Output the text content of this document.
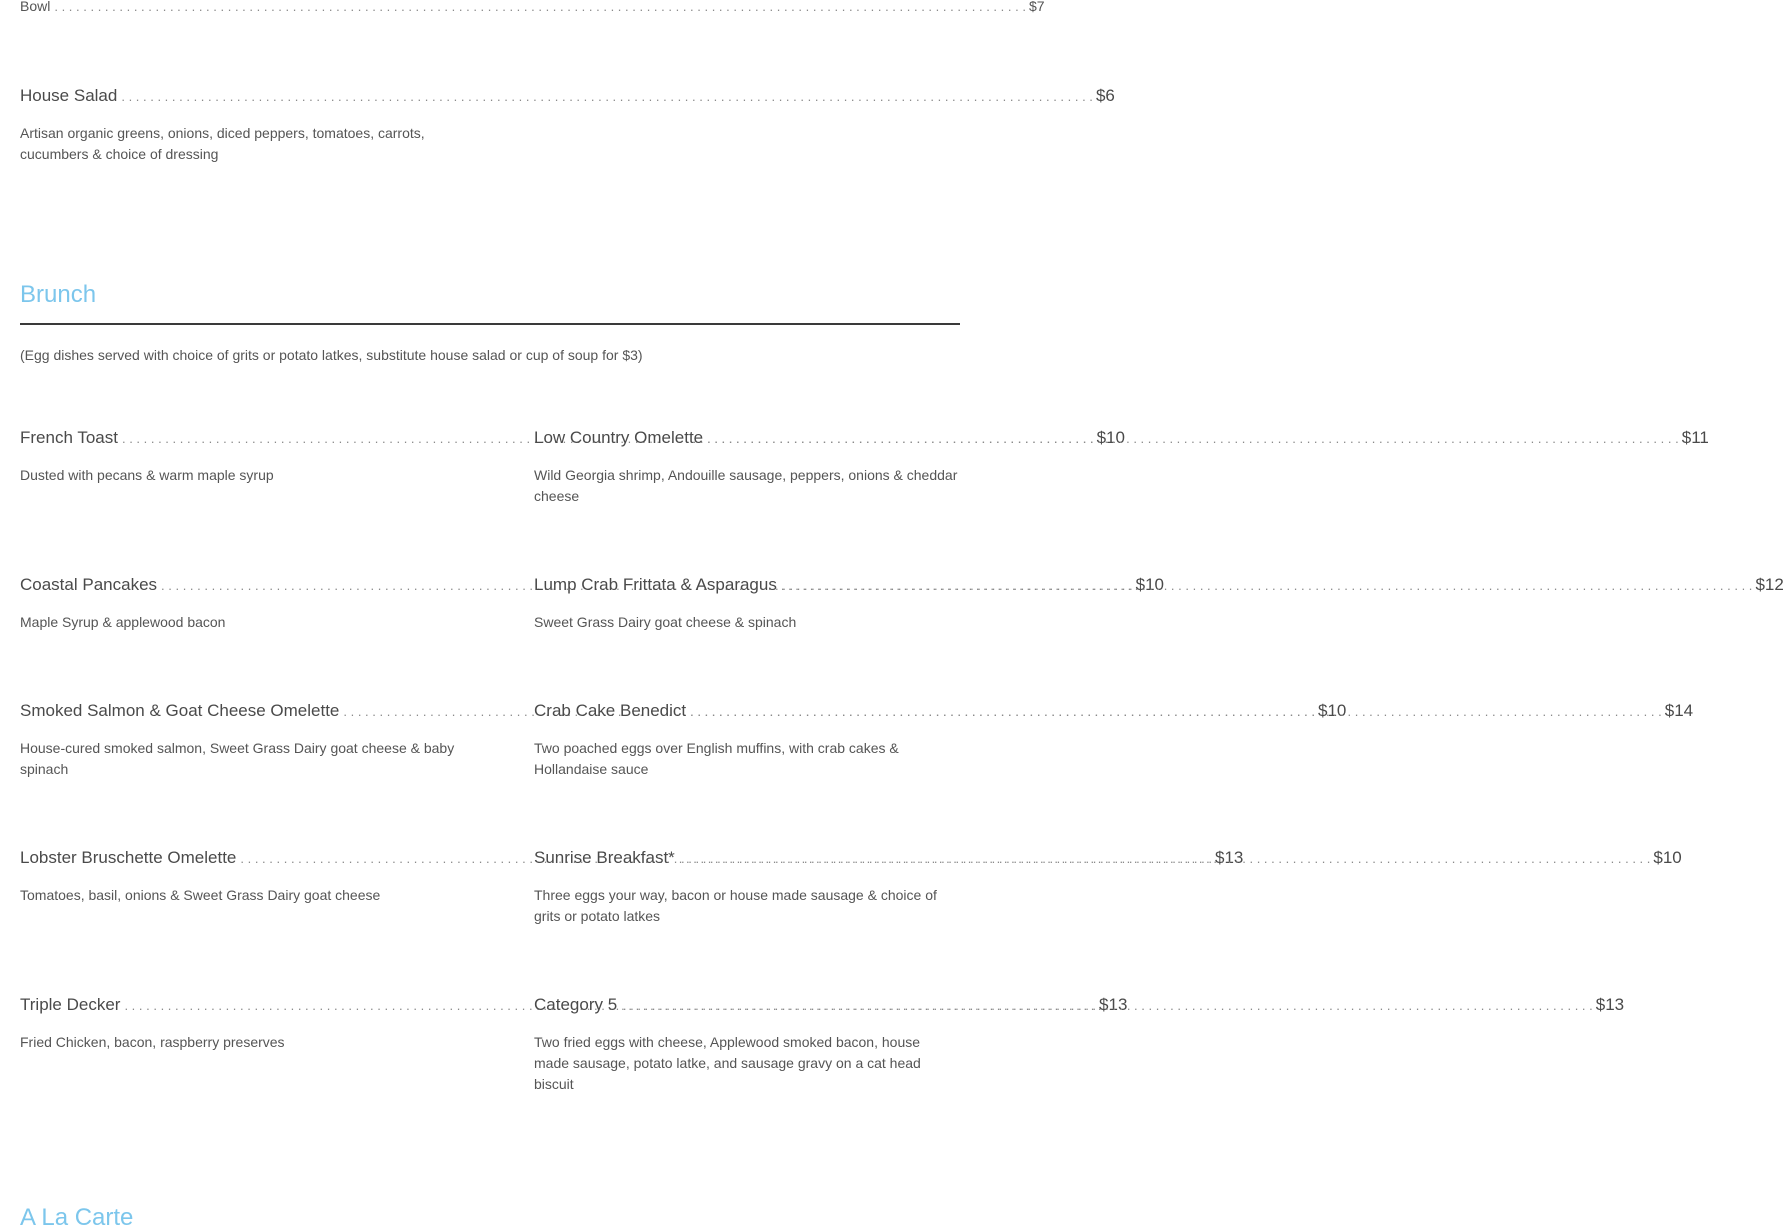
Bowl . . .	$7
House Salad . . .	$6
Artisan organic greens, onions, diced peppers, tomatoes, carrots, cucumbers & choice of dressing
Brunch
(Egg dishes served with choice of grits or potato latkes, substitute house salad or cup of soup for $3)
French Toast . . .	$10
Dusted with pecans & warm maple syrup
Coastal Pancakes . . .	$10
Maple Syrup & applewood bacon
Smoked Salmon & Goat Cheese Omelette . . .	$10
House-cured smoked salmon, Sweet Grass Dairy goat cheese & baby spinach
Lobster Bruschette Omelette . . .	$13
Tomatoes, basil, onions & Sweet Grass Dairy goat cheese
Triple Decker . . .	$13
Fried Chicken, bacon, raspberry preserves
Low Country Omelette . . .	$11
Wild Georgia shrimp, Andouille sausage, peppers, onions & cheddar cheese
Lump Crab Frittata & Asparagus . . .	$12
Sweet Grass Dairy goat cheese & spinach
Crab Cake Benedict . . .	$14
Two poached eggs over English muffins, with crab cakes & Hollandaise sauce
Sunrise Breakfast* . . .	$10
Three eggs your way, bacon or house made sausage & choice of grits or potato latkes
Category 5 . . .	$13
Two fried eggs with cheese, Applewood smoked bacon, house made sausage, potato latke, and sausage gravy on a cat head biscuit
A La Carte
